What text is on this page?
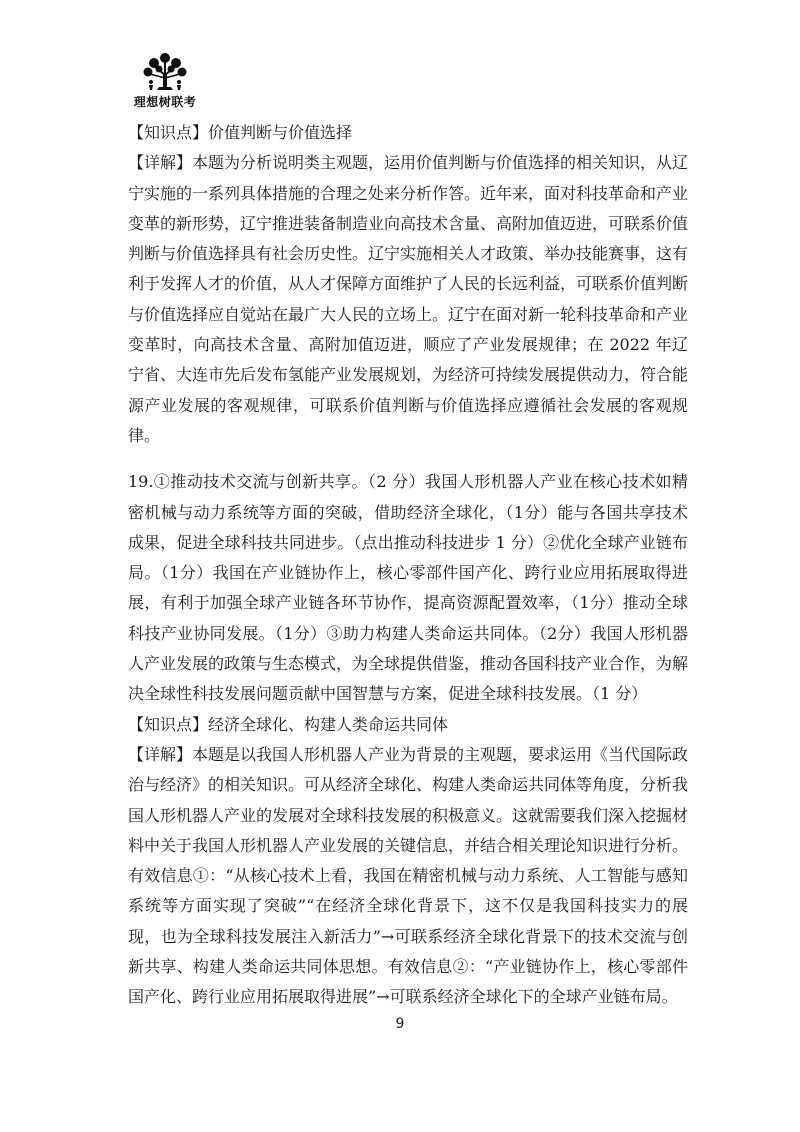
理想树联考

【知识点】价值判断与价值选择

【详解】本题为分析说明类主观题，运用价值判断与价值选择的相关知识，从辽宁实施的一系列具体措施的合理之处来分析作答。近年来，面对科技革命和产业变革的新形势，辽宁推进装备制造业向高技术含量、高附加值迈进，可联系价值判断与价值选择具有社会历史性。辽宁实施相关人才政策、举办技能赛事，这有利于发挥人才的价值，从人才保障方面维护了人民的长远利益，可联系价值判断与价值选择应自觉站在最广大人民的立场上。辽宁在面对新一轮科技革命和产业变革时，向高技术含量、高附加值迈进，顺应了产业发展规律；在 2022 年辽宁省、大连市先后发布氢能产业发展规划，为经济可持续发展提供动力，符合能源产业发展的客观规律，可联系价值判断与价值选择应遵循社会发展的客观规律。

19.①推动技术交流与创新共享。（2 分）我国人形机器人产业在核心技术如精密机械与动力系统等方面的突破，借助经济全球化，（1分）能与各国共享技术成果，促进全球科技共同进步。（点出推动科技进步 1 分）②优化全球产业链布局。（1分）我国在产业链协作上，核心零部件国产化、跨行业应用拓展取得进展，有利于加强全球产业链各环节协作，提高资源配置效率，（1分）推动全球科技产业协同发展。（1分）③助力构建人类命运共同体。（2分）我国人形机器人产业发展的政策与生态模式，为全球提供借鉴，推动各国科技产业合作，为解决全球性科技发展问题贡献中国智慧与方案，促进全球科技发展。（1 分）

【知识点】经济全球化、构建人类命运共同体

【详解】本题是以我国人形机器人产业为背景的主观题，要求运用《当代国际政治与经济》的相关知识。可从经济全球化、构建人类命运共同体等角度，分析我国人形机器人产业的发展对全球科技发展的积极意义。这就需要我们深入挖掘材料中关于我国人形机器人产业发展的关键信息，并结合相关理论知识进行分析。

有效信息①：“从核心技术上看，我国在精密机械与动力系统、人工智能与感知系统等方面实现了突破”“在经济全球化背景下，这不仅是我国科技实力的展现，也为全球科技发展注入新活力”→可联系经济全球化背景下的技术交流与创新共享、构建人类命运共同体思想。有效信息②：“产业链协作上，核心零部件国产化、跨行业应用拓展取得进展”→可联系经济全球化下的全球产业链布局。

9
